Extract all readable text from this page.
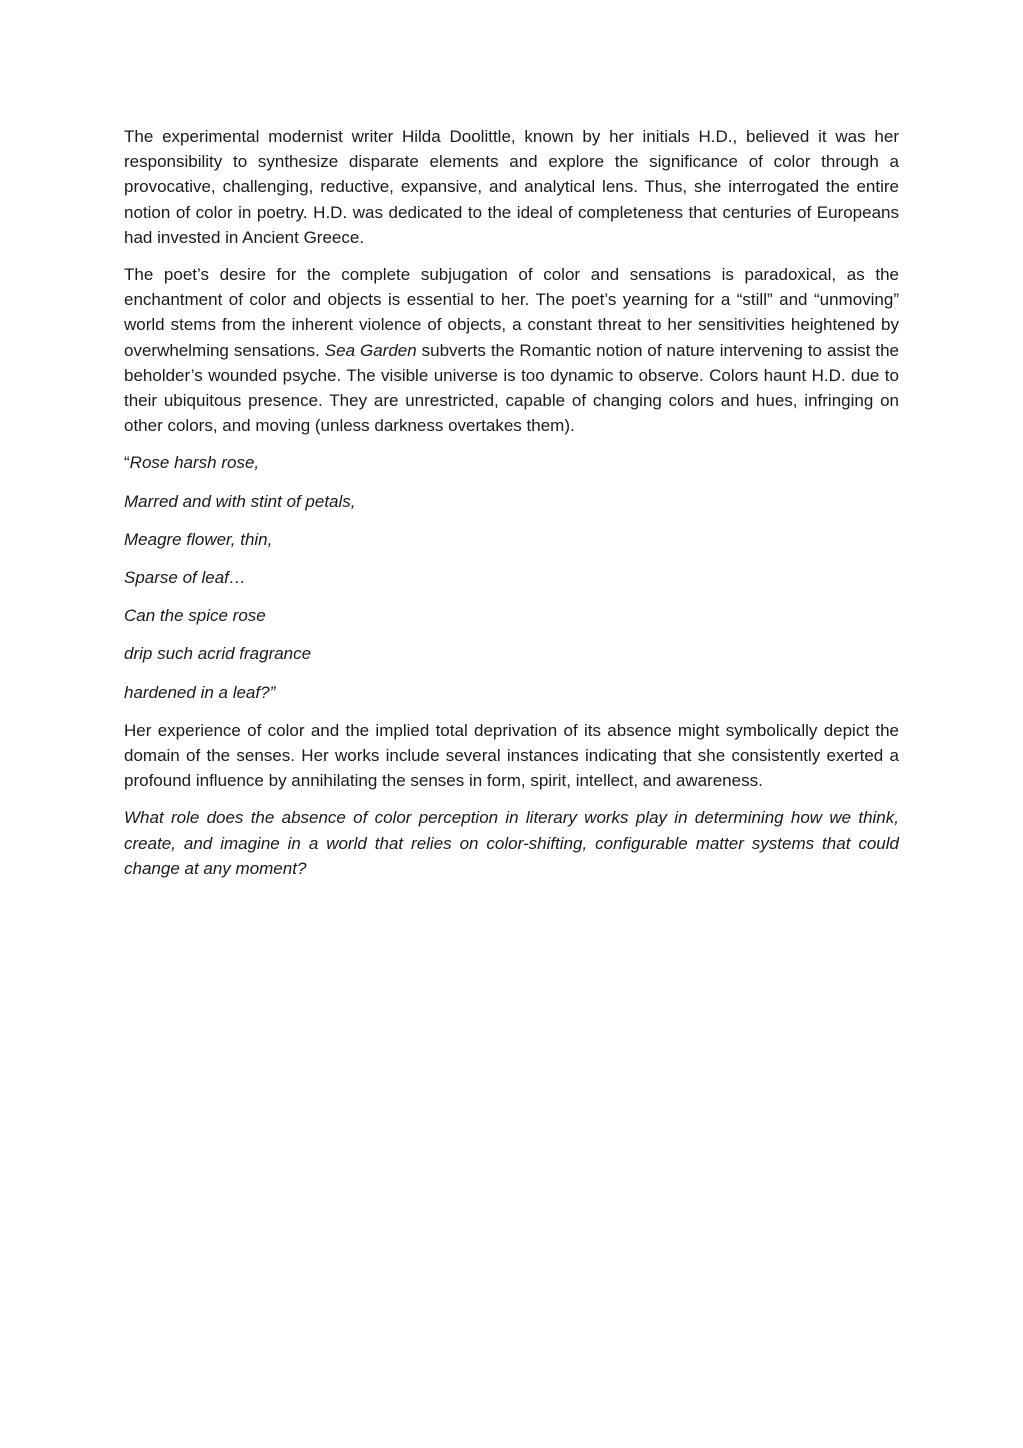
The experimental modernist writer Hilda Doolittle, known by her initials H.D., believed it was her responsibility to synthesize disparate elements and explore the significance of color through a provocative, challenging, reductive, expansive, and analytical lens. Thus, she interrogated the entire notion of color in poetry. H.D. was dedicated to the ideal of completeness that centuries of Europeans had invested in Ancient Greece.

The poet’s desire for the complete subjugation of color and sensations is paradoxical, as the enchantment of color and objects is essential to her. The poet’s yearning for a “still” and “unmoving” world stems from the inherent violence of objects, a constant threat to her sensitivities heightened by overwhelming sensations. Sea Garden subverts the Romantic notion of nature intervening to assist the beholder’s wounded psyche. The visible universe is too dynamic to observe. Colors haunt H.D. due to their ubiquitous presence. They are unrestricted, capable of changing colors and hues, infringing on other colors, and moving (unless darkness overtakes them).

“Rose harsh rose,

Marred and with stint of petals,

Meagre flower, thin,

Sparse of leaf…

Can the spice rose

drip such acrid fragrance

hardened in a leaf?”

Her experience of color and the implied total deprivation of its absence might symbolically depict the domain of the senses. Her works include several instances indicating that she consistently exerted a profound influence by annihilating the senses in form, spirit, intellect, and awareness.

What role does the absence of color perception in literary works play in determining how we think, create, and imagine in a world that relies on color-shifting, configurable matter systems that could change at any moment?
